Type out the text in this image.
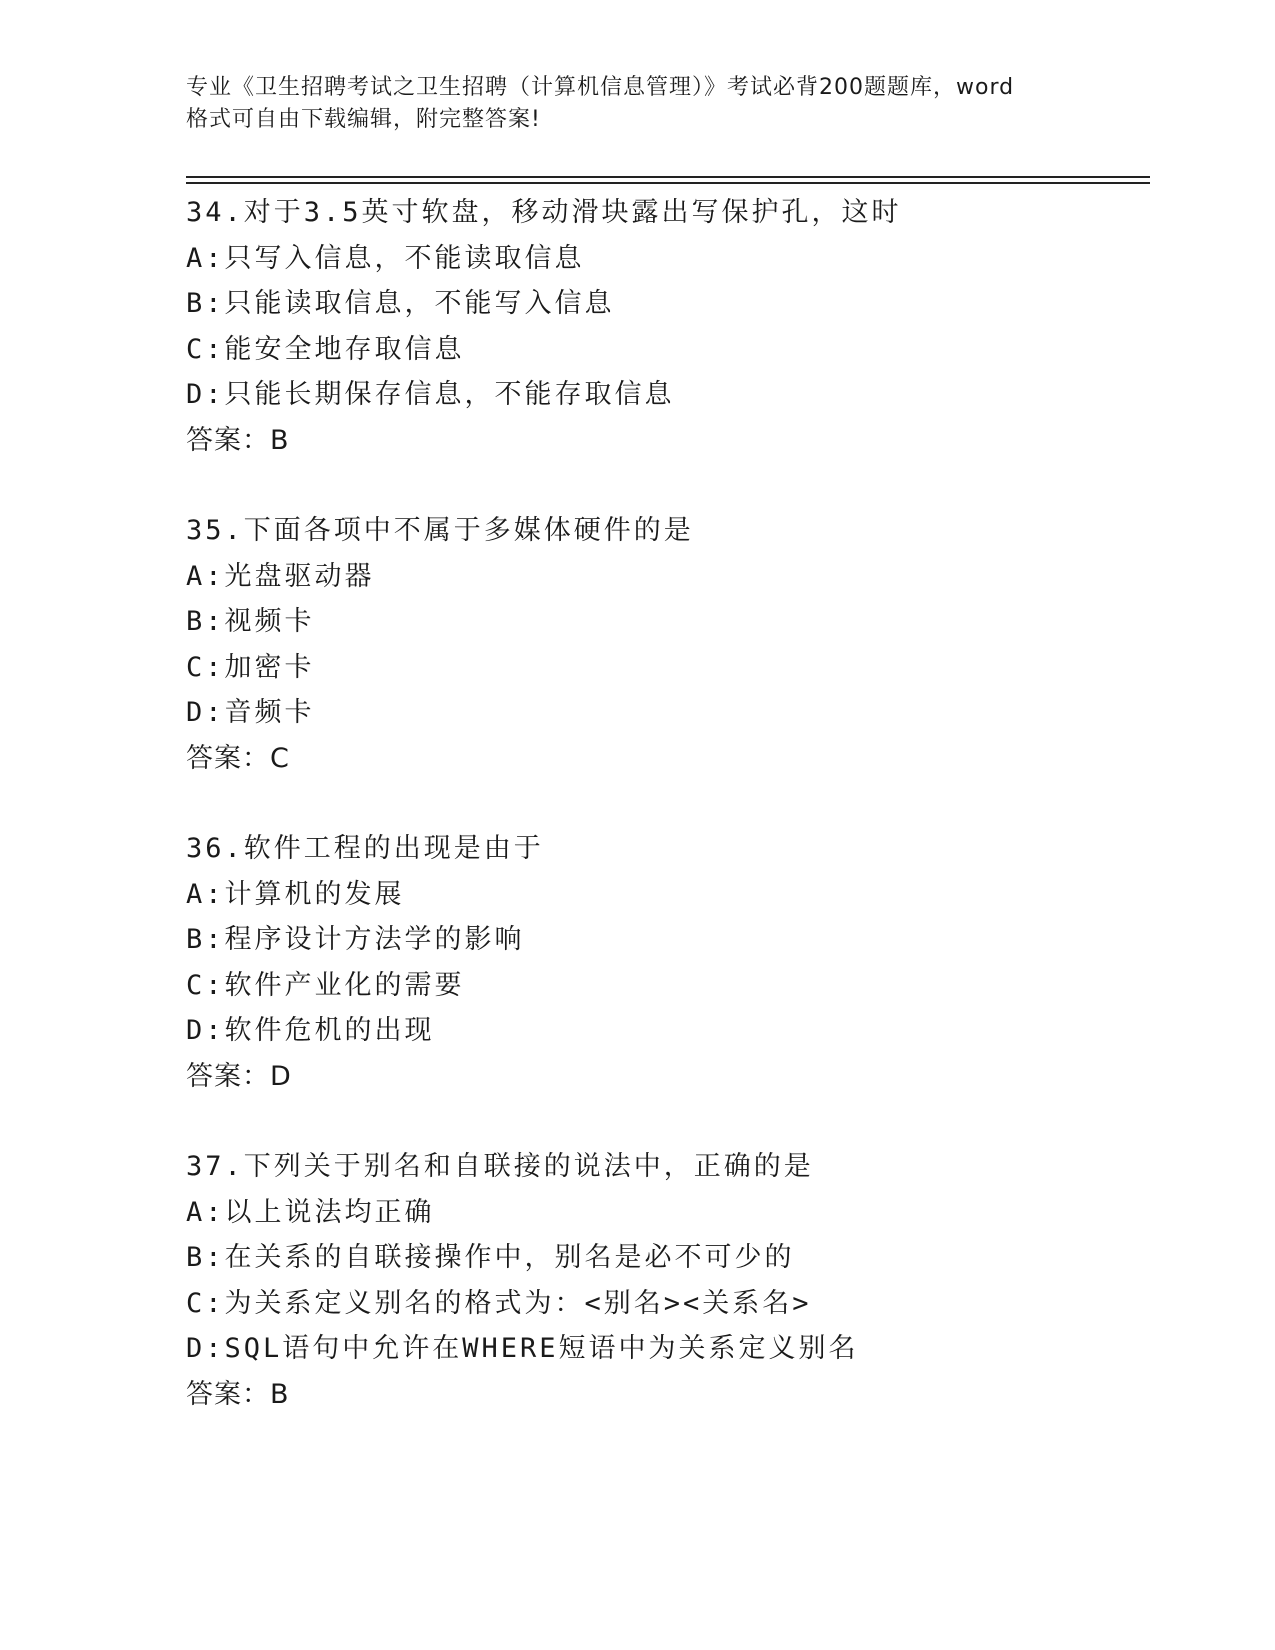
专业《卫生招聘考试之卫生招聘（计算机信息管理）》考试必背200题题库，word
格式可自由下载编辑，附完整答案!
34.对于3.5英寸软盘，移动滑块露出写保护孔，这时
A:只写入信息，不能读取信息
B:只能读取信息，不能写入信息
C:能安全地存取信息
D:只能长期保存信息，不能存取信息
答案：B
35.下面各项中不属于多媒体硬件的是
A:光盘驱动器
B:视频卡
C:加密卡
D:音频卡
答案：C
36.软件工程的出现是由于
A:计算机的发展
B:程序设计方法学的影响
C:软件产业化的需要
D:软件危机的出现
答案：D
37.下列关于别名和自联接的说法中，正确的是
A:以上说法均正确
B:在关系的自联接操作中，别名是必不可少的
C:为关系定义别名的格式为：<别名><关系名>
D:SQL语句中允许在WHERE短语中为关系定义别名
答案：B
